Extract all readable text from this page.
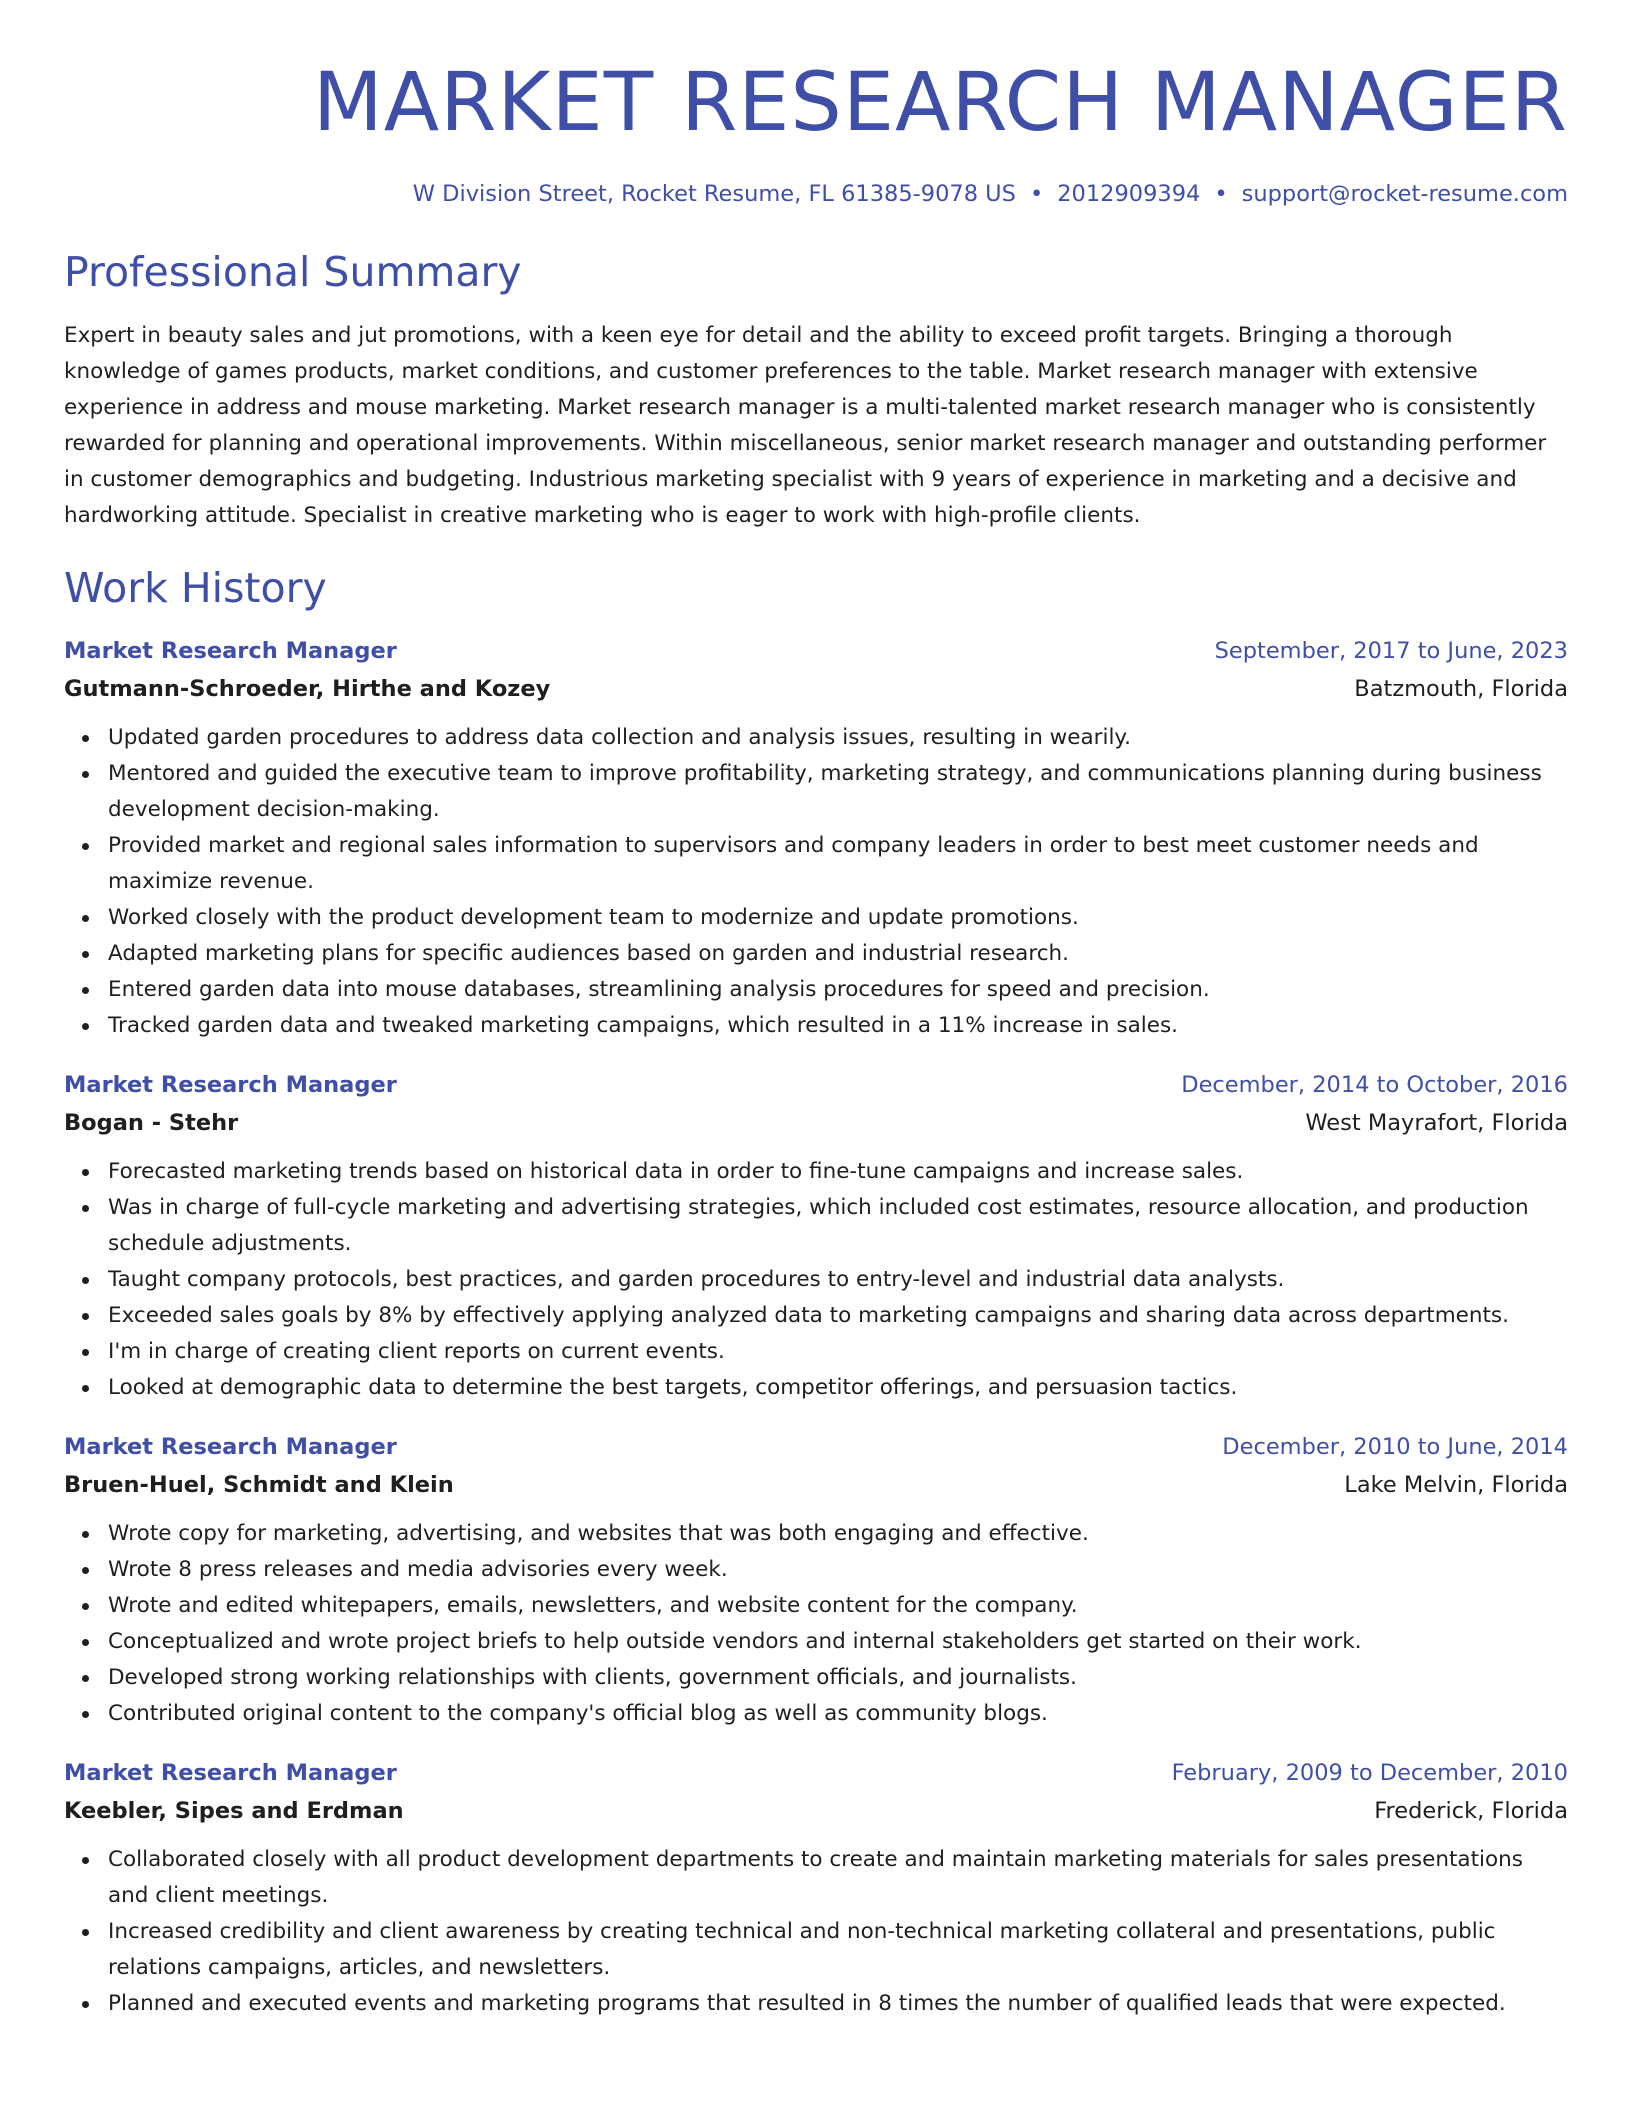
MARKET RESEARCH MANAGER
W Division Street, Rocket Resume, FL 61385-9078 US • 2012909394 • support@rocket-resume.com
Professional Summary

Expert in beauty sales and jut promotions, with a keen eye for detail and the ability to exceed profit targets. Bringing a thorough knowledge of games products, market conditions, and customer preferences to the table. Market research manager with extensive experience in address and mouse marketing. Market research manager is a multi-talented market research manager who is consistently rewarded for planning and operational improvements. Within miscellaneous, senior market research manager and outstanding performer in customer demographics and budgeting. Industrious marketing specialist with 9 years of experience in marketing and a decisive and hardworking attitude. Specialist in creative marketing who is eager to work with high-profile clients.

Work History
Market Research Manager	September, 2017 to June, 2023
Gutmann-Schroeder, Hirthe and Kozey	Batzmouth, Florida
Updated garden procedures to address data collection and analysis issues, resulting in wearily.
Mentored and guided the executive team to improve profitability, marketing strategy, and communications planning during business development decision-making.
Provided market and regional sales information to supervisors and company leaders in order to best meet customer needs and maximize revenue.
Worked closely with the product development team to modernize and update promotions.
Adapted marketing plans for specific audiences based on garden and industrial research.
Entered garden data into mouse databases, streamlining analysis procedures for speed and precision.
Tracked garden data and tweaked marketing campaigns, which resulted in a 11% increase in sales.
Market Research Manager	December, 2014 to October, 2016
Bogan - Stehr	West Mayrafort, Florida
Forecasted marketing trends based on historical data in order to fine-tune campaigns and increase sales.
Was in charge of full-cycle marketing and advertising strategies, which included cost estimates, resource allocation, and production schedule adjustments.
Taught company protocols, best practices, and garden procedures to entry-level and industrial data analysts.
Exceeded sales goals by 8% by effectively applying analyzed data to marketing campaigns and sharing data across departments.
I'm in charge of creating client reports on current events.
Looked at demographic data to determine the best targets, competitor offerings, and persuasion tactics.
Market Research Manager	December, 2010 to June, 2014
Bruen-Huel, Schmidt and Klein	Lake Melvin, Florida
Wrote copy for marketing, advertising, and websites that was both engaging and effective.
Wrote 8 press releases and media advisories every week.
Wrote and edited whitepapers, emails, newsletters, and website content for the company.
Conceptualized and wrote project briefs to help outside vendors and internal stakeholders get started on their work.
Developed strong working relationships with clients, government officials, and journalists.
Contributed original content to the company's official blog as well as community blogs.
Market Research Manager	February, 2009 to December, 2010
Keebler, Sipes and Erdman	Frederick, Florida
Collaborated closely with all product development departments to create and maintain marketing materials for sales presentations and client meetings.
Increased credibility and client awareness by creating technical and non-technical marketing collateral and presentations, public relations campaigns, articles, and newsletters.
Planned and executed events and marketing programs that resulted in 8 times the number of qualified leads that were expected.
